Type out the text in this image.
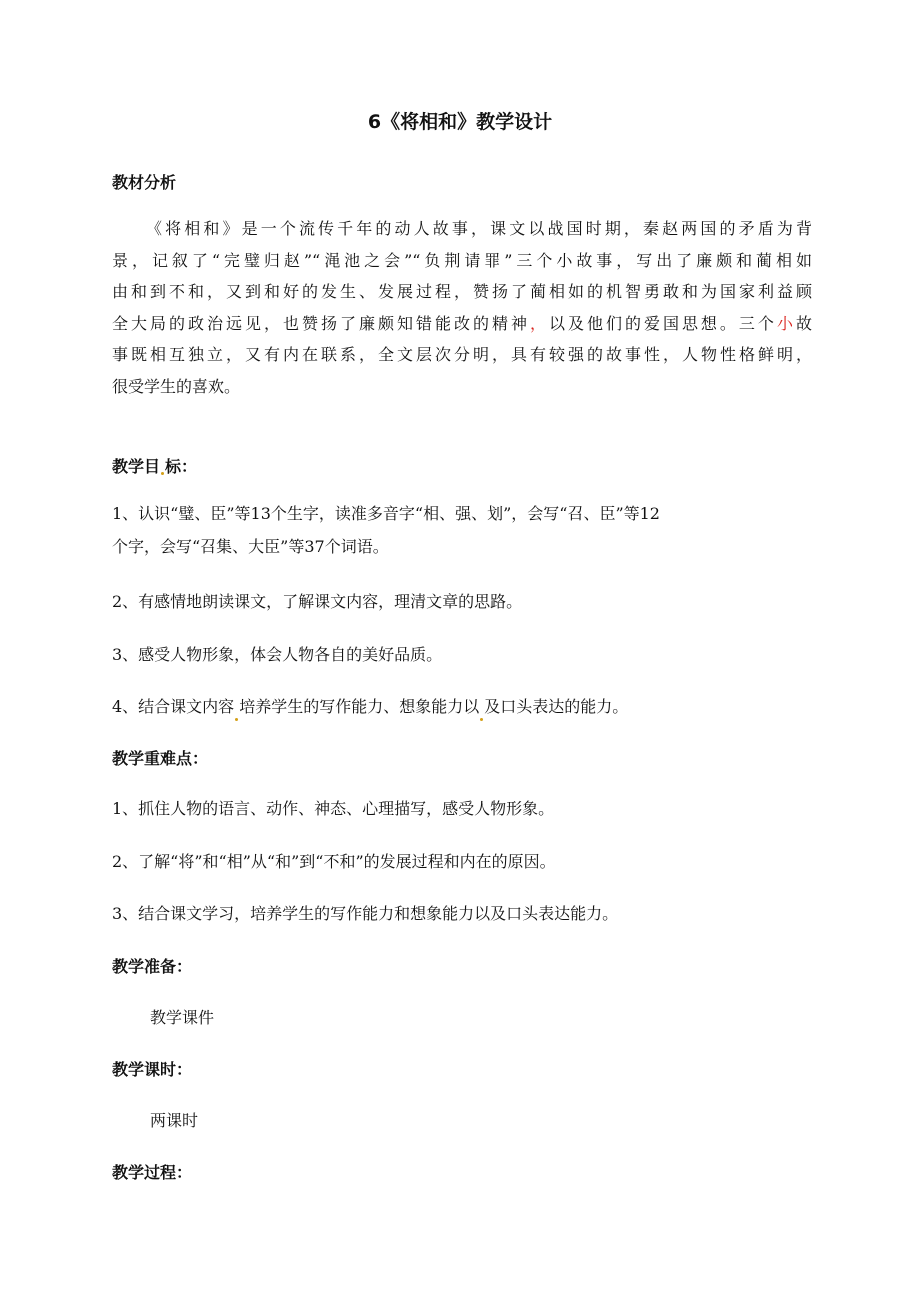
6《将相和》教学设计
教材分析
《将相和》是一个流传千年的动人故事，课文以战国时期，秦赵两国的矛盾为背
景，记叙了“完璧归赵”“渑池之会”“负荆请罪”三个小故事，写出了廉颇和蔺相如
由和到不和，又到和好的发生、发展过程，赞扬了蔺相如的机智勇敢和为国家利益顾
全大局的政治远见，也赞扬了廉颇知错能改的精神，以及他们的爱国思想。三个小故
事既相互独立，又有内在联系，全文层次分明，具有较强的故事性，人物性格鲜明，
很受学生的喜欢。
教学目 标：
1、认识“璧、臣”等13个生字，读准多音字“相、强、划”，会写“召、臣”等12
个字，会写“召集、大臣”等37个词语。
2、有感情地朗读课文，了解课文内容，理清文章的思路。
3、感受人物形象，体会人物各自的美好品质。
4、结合课文内容 培养学生的写作能力、想象能力以 及口头表达的能力。
教学重难点：
1、抓住人物的语言、动作、神态、心理描写，感受人物形象。
2、了解“将”和“相”从“和”到“不和”的发展过程和内在的原因。
3、结合课文学习，培养学生的写作能力和想象能力以及口头表达能力。
教学准备：
教学课件
教学课时：
两课时
教学过程：
